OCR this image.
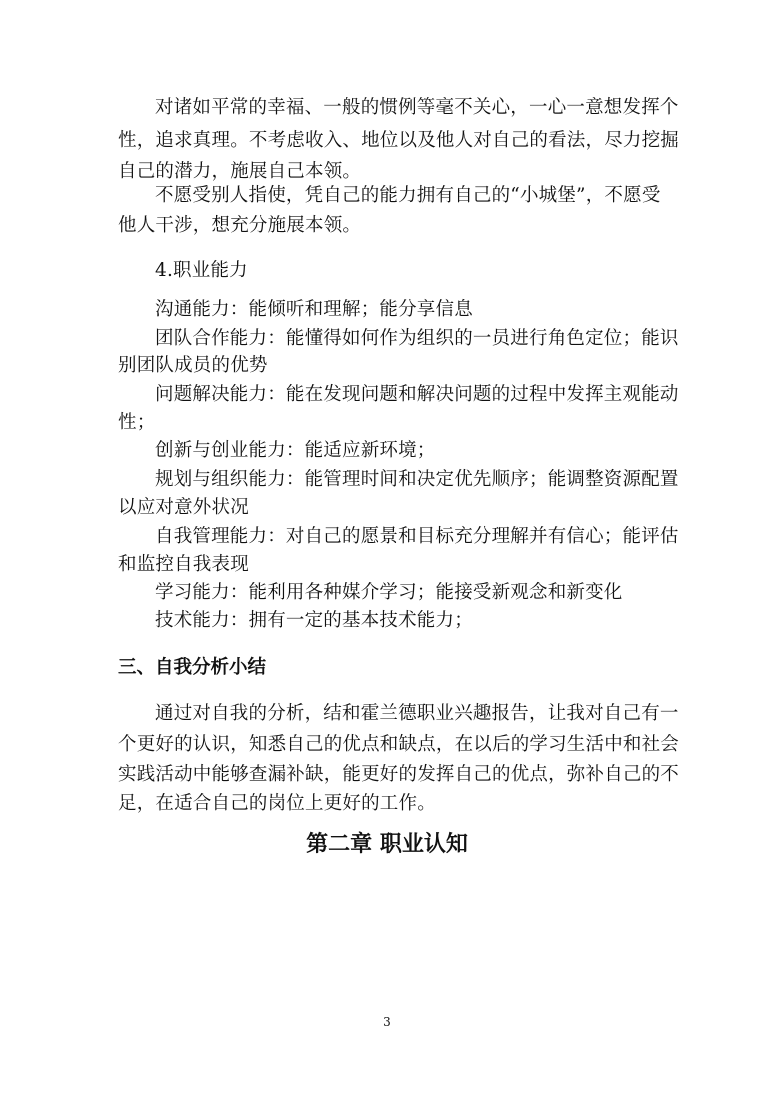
对诸如平常的幸福、一般的惯例等毫不关心，一心一意想发挥个
性，追求真理。不考虑收入、地位以及他人对自己的看法，尽力挖掘
自己的潜力，施展自己本领。
不愿受别人指使，凭自己的能力拥有自己的“小城堡”，不愿受
他人干涉，想充分施展本领。
4.职业能力
沟通能力：能倾听和理解；能分享信息
团队合作能力：能懂得如何作为组织的一员进行角色定位；能识
别团队成员的优势
问题解决能力：能在发现问题和解决问题的过程中发挥主观能动
性；
创新与创业能力：能适应新环境；
规划与组织能力：能管理时间和决定优先顺序；能调整资源配置
以应对意外状况
自我管理能力：对自己的愿景和目标充分理解并有信心；能评估
和监控自我表现
学习能力：能利用各种媒介学习；能接受新观念和新变化
技术能力：拥有一定的基本技术能力；
三、自我分析小结
通过对自我的分析，结和霍兰德职业兴趣报告，让我对自己有一
个更好的认识，知悉自己的优点和缺点，在以后的学习生活中和社会
实践活动中能够查漏补缺，能更好的发挥自己的优点，弥补自己的不
足，在适合自己的岗位上更好的工作。
第二章 职业认知
3
